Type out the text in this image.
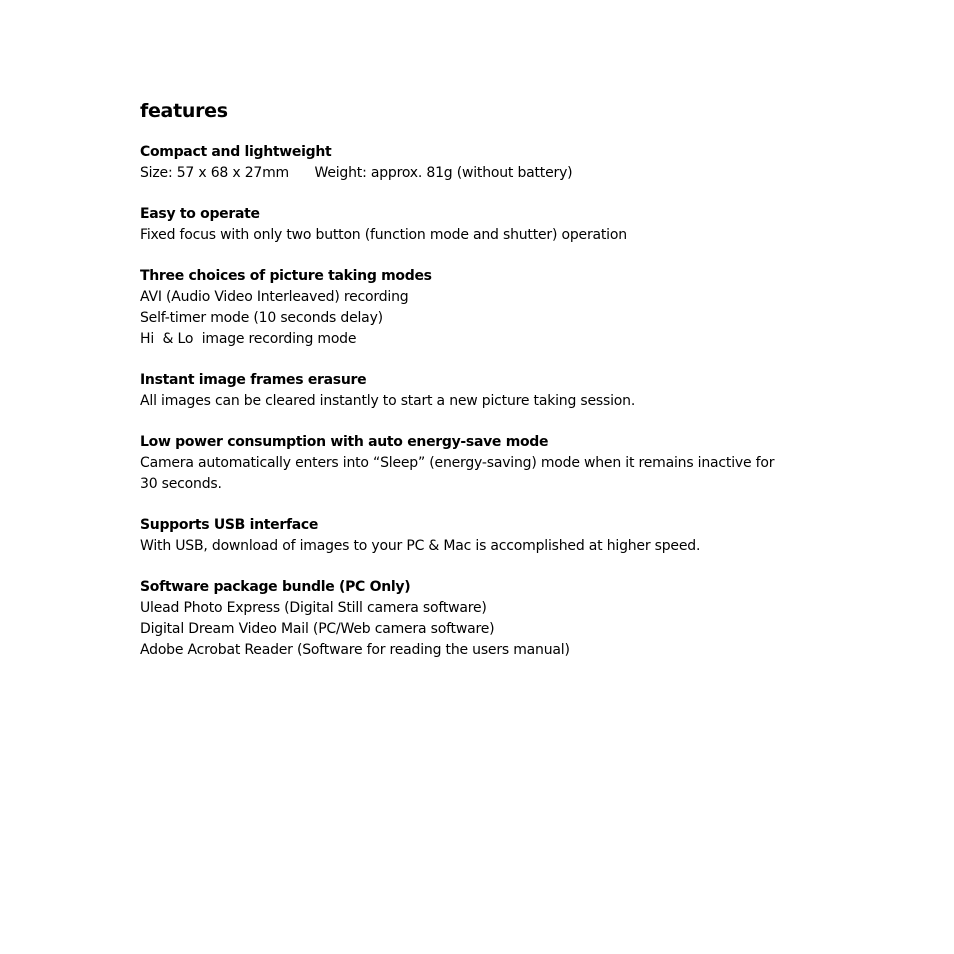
features

Compact and lightweight

Size: 57 x 68 x 27mm      Weight: approx. 81g (without battery)

Easy to operate

Fixed focus with only two button (function mode and shutter) operation

Three choices of picture taking modes

AVI (Audio Video Interleaved) recording

Self-timer mode (10 seconds delay)

Hi  & Lo  image recording mode

Instant image frames erasure

All images can be cleared instantly to start a new picture taking session.

Low power consumption with auto energy-save mode

Camera automatically enters into “Sleep” (energy-saving) mode when it remains inactive for

30 seconds.

Supports USB interface

With USB, download of images to your PC & Mac is accomplished at higher speed.

Software package bundle (PC Only)

Ulead Photo Express (Digital Still camera software)

Digital Dream Video Mail (PC/Web camera software)

Adobe Acrobat Reader (Software for reading the users manual)
